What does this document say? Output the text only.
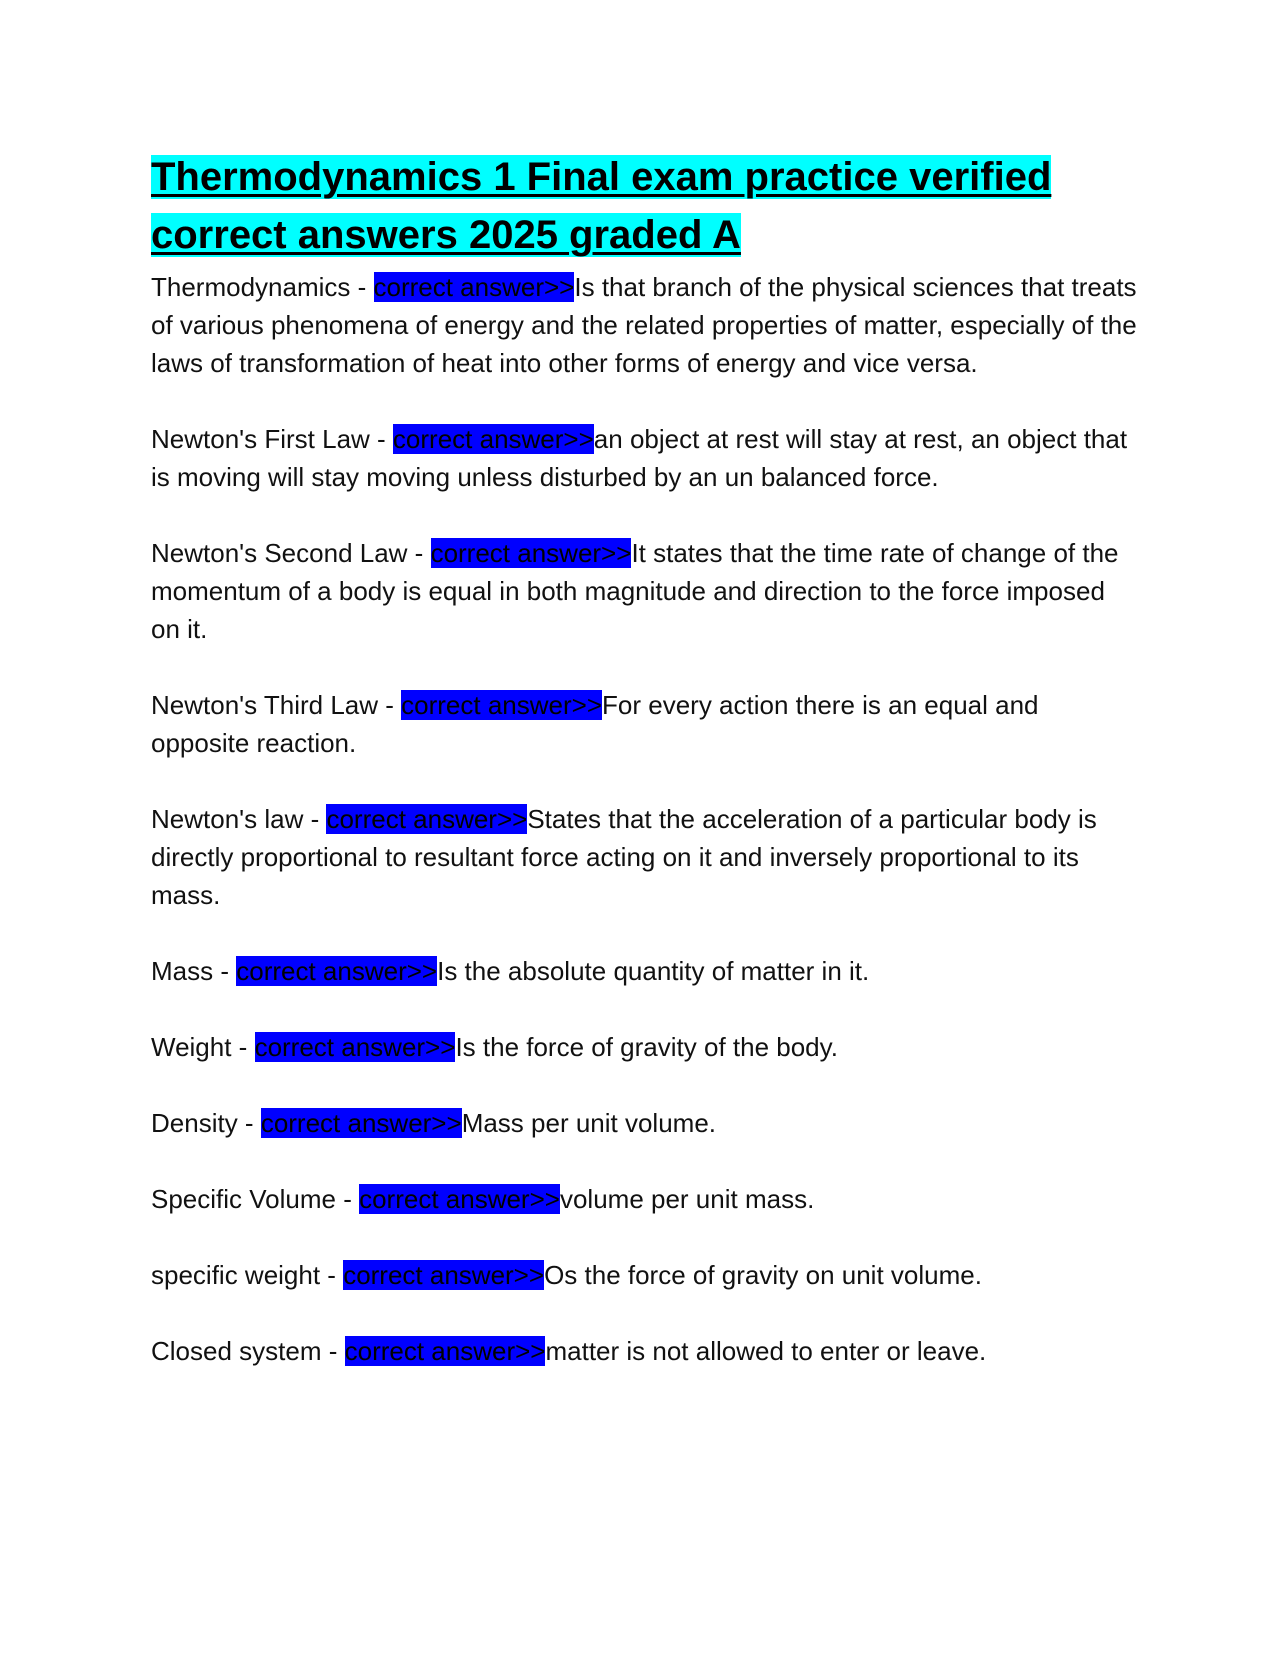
Thermodynamics 1 Final exam practice verified correct answers 2025 graded A

Thermodynamics - correct answer>>Is that branch of the physical sciences that treats of various phenomena of energy and the related properties of matter, especially of the laws of transformation of heat into other forms of energy and vice versa.

Newton's First Law - correct answer>>an object at rest will stay at rest, an object that is moving will stay moving unless disturbed by an un balanced force.

Newton's Second Law - correct answer>>It states that the time rate of change of the momentum of a body is equal in both magnitude and direction to the force imposed on it.

Newton's Third Law - correct answer>>For every action there is an equal and opposite reaction.

Newton's law - correct answer>>States that the acceleration of a particular body is directly proportional to resultant force acting on it and inversely proportional to its mass.

Mass - correct answer>>Is the absolute quantity of matter in it.

Weight - correct answer>>Is the force of gravity of the body.

Density - correct answer>>Mass per unit volume.

Specific Volume - correct answer>>volume per unit mass.

specific weight - correct answer>>Os the force of gravity on unit volume.

Closed system - correct answer>>matter is not allowed to enter or leave.
